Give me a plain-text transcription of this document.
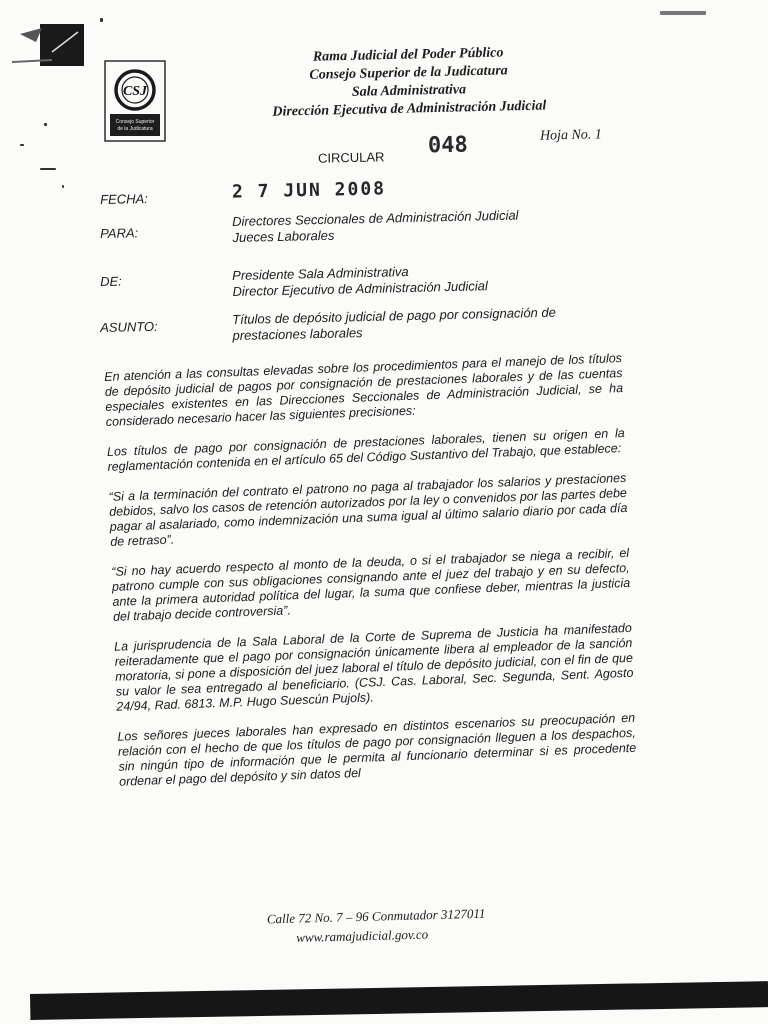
CSJ
Consejo Superior
de la Judicatura
Rama Judicial del Poder Público
Consejo Superior de la Judicatura
Sala Administrativa
Dirección Ejecutiva de Administración Judicial
Hoja No. 1
048
CIRCULAR
FECHA:	2 7 JUN 2008
PARA:
Directores Seccionales de Administración Judicial
Jueces Laborales
DE:	Presidente Sala Administrativa
Director Ejecutivo de Administración Judicial
ASUNTO:	Títulos de depósito judicial de pago por consignación de
prestaciones laborales

En atención a las consultas elevadas sobre los procedimientos para el manejo de los títulos de depósito judicial de pagos por consignación de prestaciones laborales y de las cuentas especiales existentes en las Direcciones Seccionales de Administración Judicial, se ha considerado necesario hacer las siguientes precisiones:

Los títulos de pago por consignación de prestaciones laborales, tienen su origen en la reglamentación contenida en el artículo 65 del Código Sustantivo del Trabajo, que establece:

“Si a la terminación del contrato el patrono no paga al trabajador los salarios y prestaciones debidos, salvo los casos de retención autorizados por la ley o convenidos por las partes debe pagar al asalariado, como indemnización una suma igual al último salario diario por cada día de retraso”.

“Si no hay acuerdo respecto al monto de la deuda, o si el trabajador se niega a recibir, el patrono cumple con sus obligaciones consignando ante el juez del trabajo y en su defecto, ante la primera autoridad política del lugar, la suma que confiese deber, mientras la justicia del trabajo decide controversia”.

La jurisprudencia de la Sala Laboral de la Corte de Suprema de Justicia ha manifestado reiteradamente que el pago por consignación únicamente libera al empleador de la sanción moratoria, si pone a disposición del juez laboral el título de depósito judicial, con el fin de que su valor le sea entregado al beneficiario. (CSJ. Cas. Laboral, Sec. Segunda, Sent. Agosto 24/94, Rad. 6813. M.P. Hugo Suescún Pujols).

Los señores jueces laborales han expresado en distintos escenarios su preocupación en relación con el hecho de que los títulos de pago por consignación lleguen a los despachos, sin ningún tipo de información que le permita al funcionario determinar si es procedente ordenar el pago del depósito y sin datos del

Calle 72 No. 7 – 96 Conmutador 3127011
www.ramajudicial.gov.co
